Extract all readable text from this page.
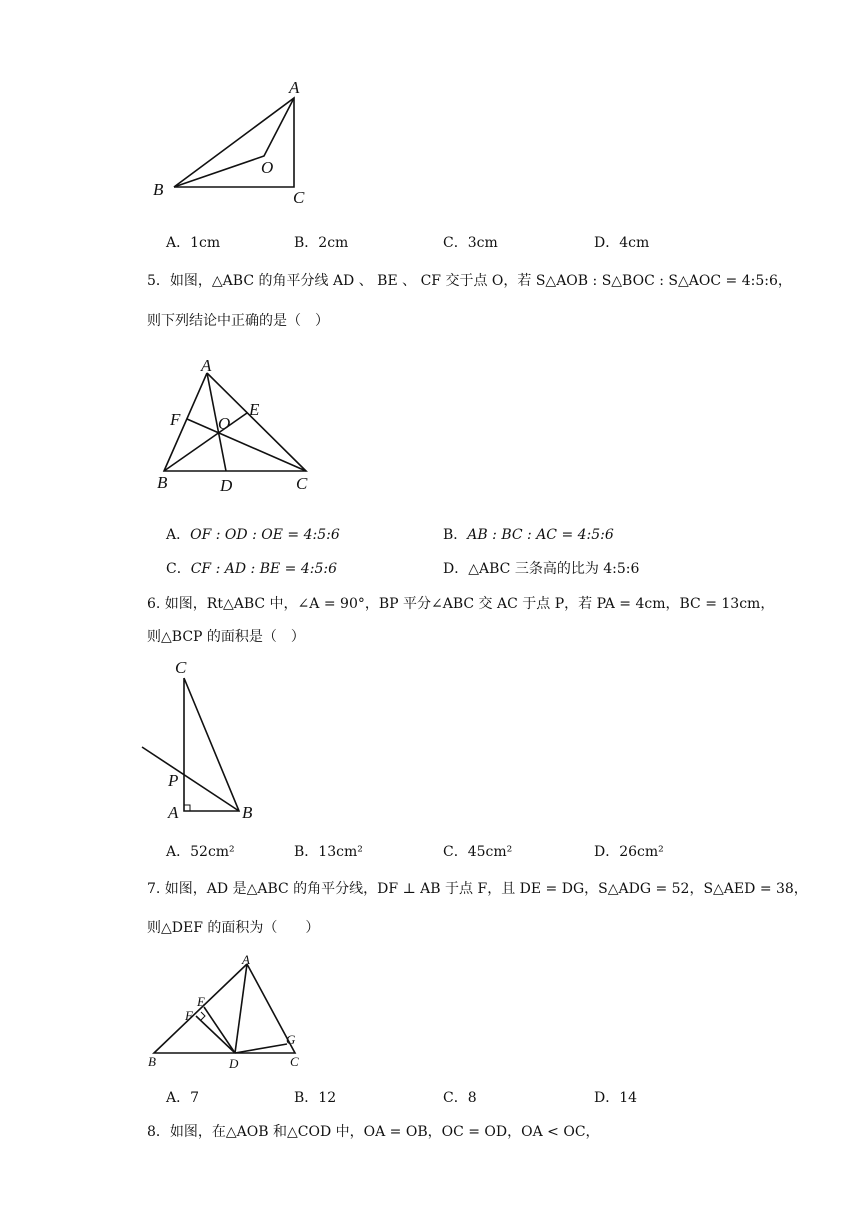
A
B	C
O
A．1cm	B．2cm	C．3cm	D．4cm
5．如图，△ABC 的角平分线 AD 、 BE 、 CF 交于点 O，若 S△AOB : S△BOC : S△AOC = 4:5:6，
则下列结论中正确的是（　）
A
B	C
D
E
F O
A．OF : OD : OE = 4:5:6	B．AB : BC : AC = 4:5:6
C．CF : AD : BE = 4:5:6	D．△ABC 三条高的比为 4:5:6
6. 如图，Rt△ABC 中，∠A = 90°，BP 平分∠ABC 交 AC 于点 P，若 PA = 4cm，BC = 13cm，
则△BCP 的面积是（　）
C
P
A	B
A．52cm²	B．13cm²	C．45cm²	D．26cm²
7. 如图，AD 是△ABC 的角平分线，DF ⊥ AB 于点 F，且 DE = DG，S△ADG = 52，S△AED = 38，
则△DEF 的面积为（　　）
A
E
F
G
B	D	C
A．7	B．12	C．8	D．14
8．如图，在△AOB 和△COD 中，OA = OB，OC = OD，OA < OC，
